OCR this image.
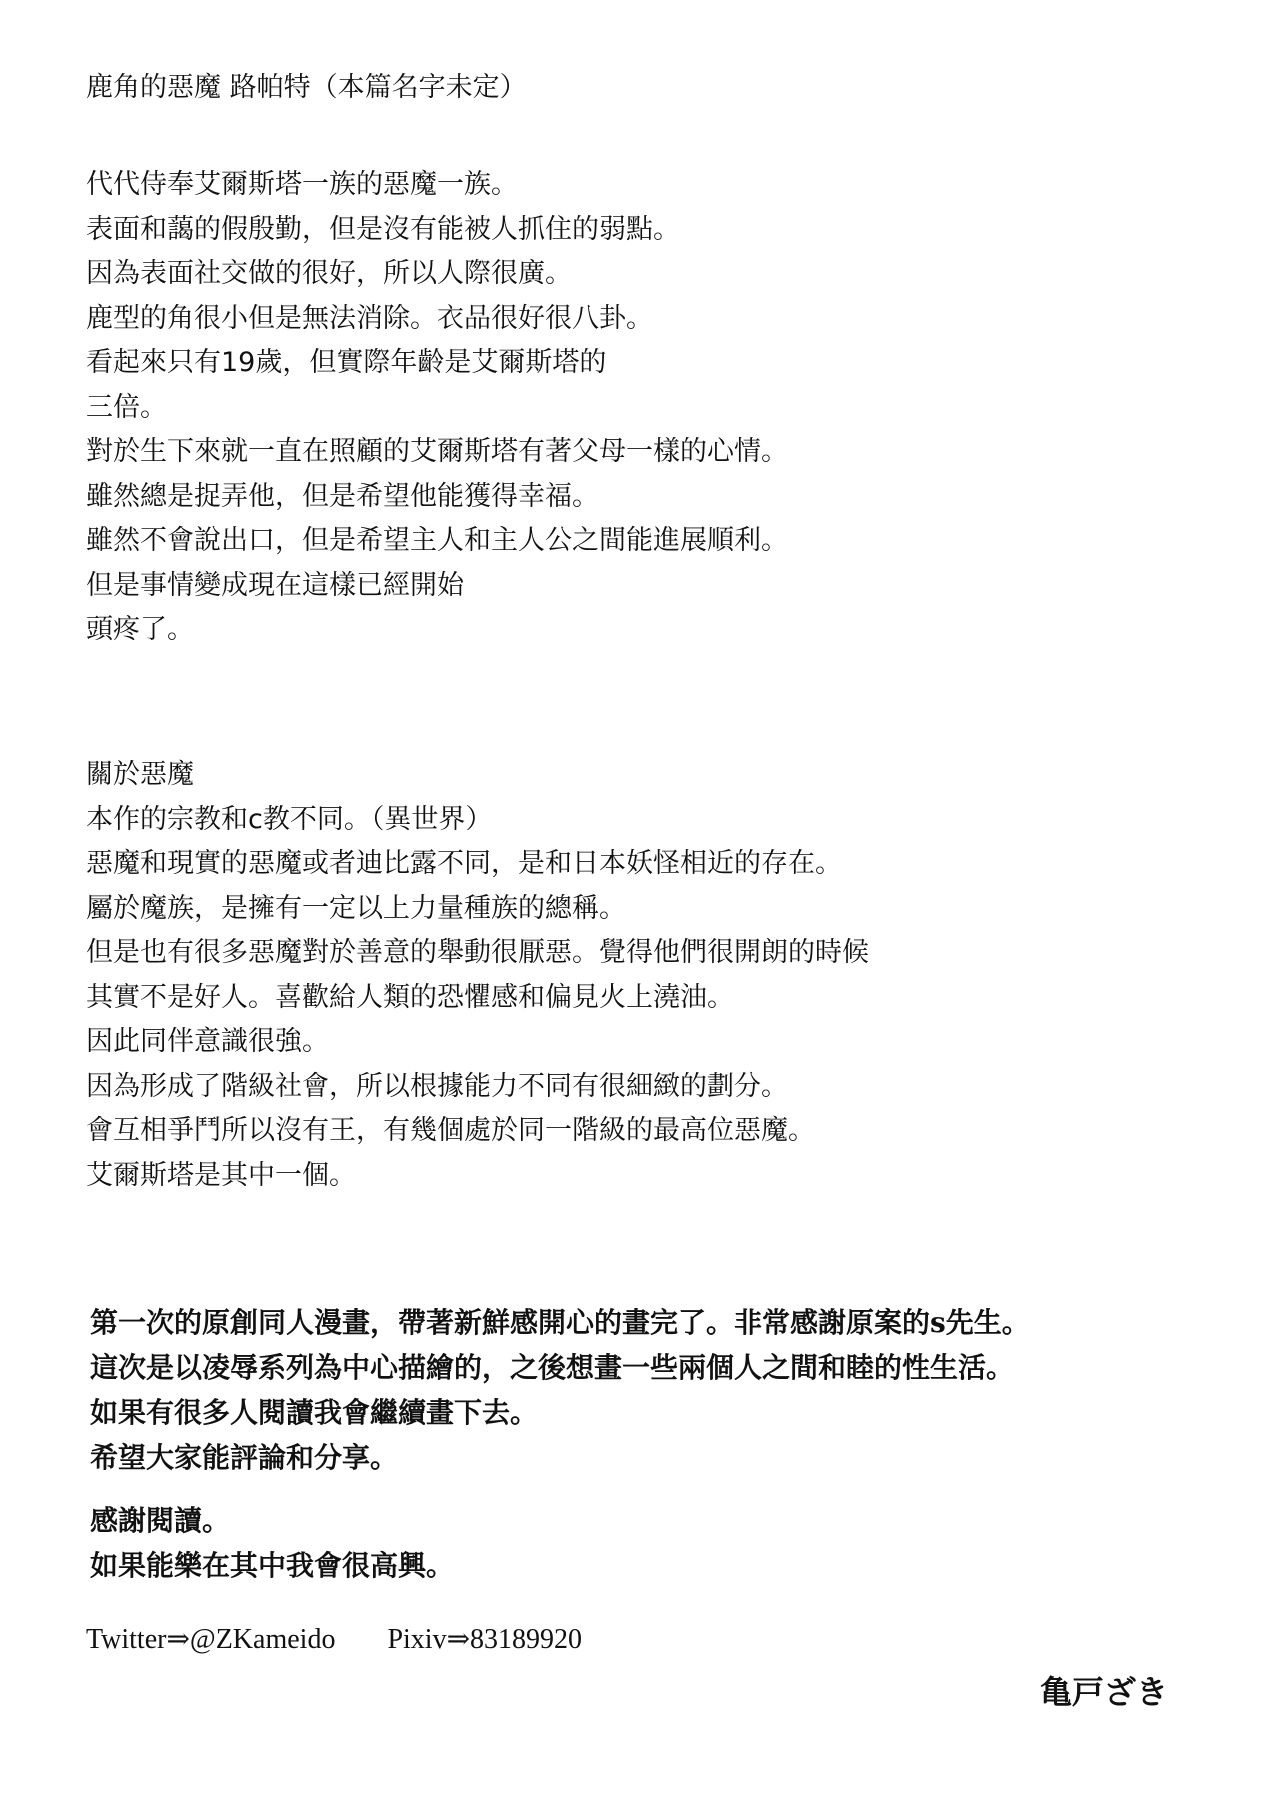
鹿角的惡魔 路帕特（本篇名字未定）

代代侍奉艾爾斯塔一族的惡魔一族。
表面和藹的假殷勤，但是沒有能被人抓住的弱點。
因為表面社交做的很好，所以人際很廣。
鹿型的角很小但是無法消除。衣品很好很八卦。
看起來只有19歲，但實際年齡是艾爾斯塔的
三倍。
對於生下來就一直在照顧的艾爾斯塔有著父母一樣的心情。
雖然總是捉弄他，但是希望他能獲得幸福。
雖然不會說出口，但是希望主人和主人公之間能進展順利。
但是事情變成現在這樣已經開始
頭疼了。
關於惡魔
本作的宗教和c教不同。（異世界）
惡魔和現實的惡魔或者迪比露不同，是和日本妖怪相近的存在。
屬於魔族，是擁有一定以上力量種族的總稱。
但是也有很多惡魔對於善意的舉動很厭惡。覺得他們很開朗的時候
其實不是好人。喜歡給人類的恐懼感和偏見火上澆油。
因此同伴意識很強。
因為形成了階級社會，所以根據能力不同有很細緻的劃分。
會互相爭鬥所以沒有王，有幾個處於同一階級的最高位惡魔。
艾爾斯塔是其中一個。
第一次的原創同人漫畫，帶著新鮮感開心的畫完了。非常感謝原案的s先生。
這次是以凌辱系列為中心描繪的，之後想畫一些兩個人之間和睦的性生活。
如果有很多人閱讀我會繼續畫下去。
希望大家能評論和分享。
感謝閱讀。
如果能樂在其中我會很高興。
Twitter⇒@ZKameido Pixiv⇒83189920
亀戸ざき
